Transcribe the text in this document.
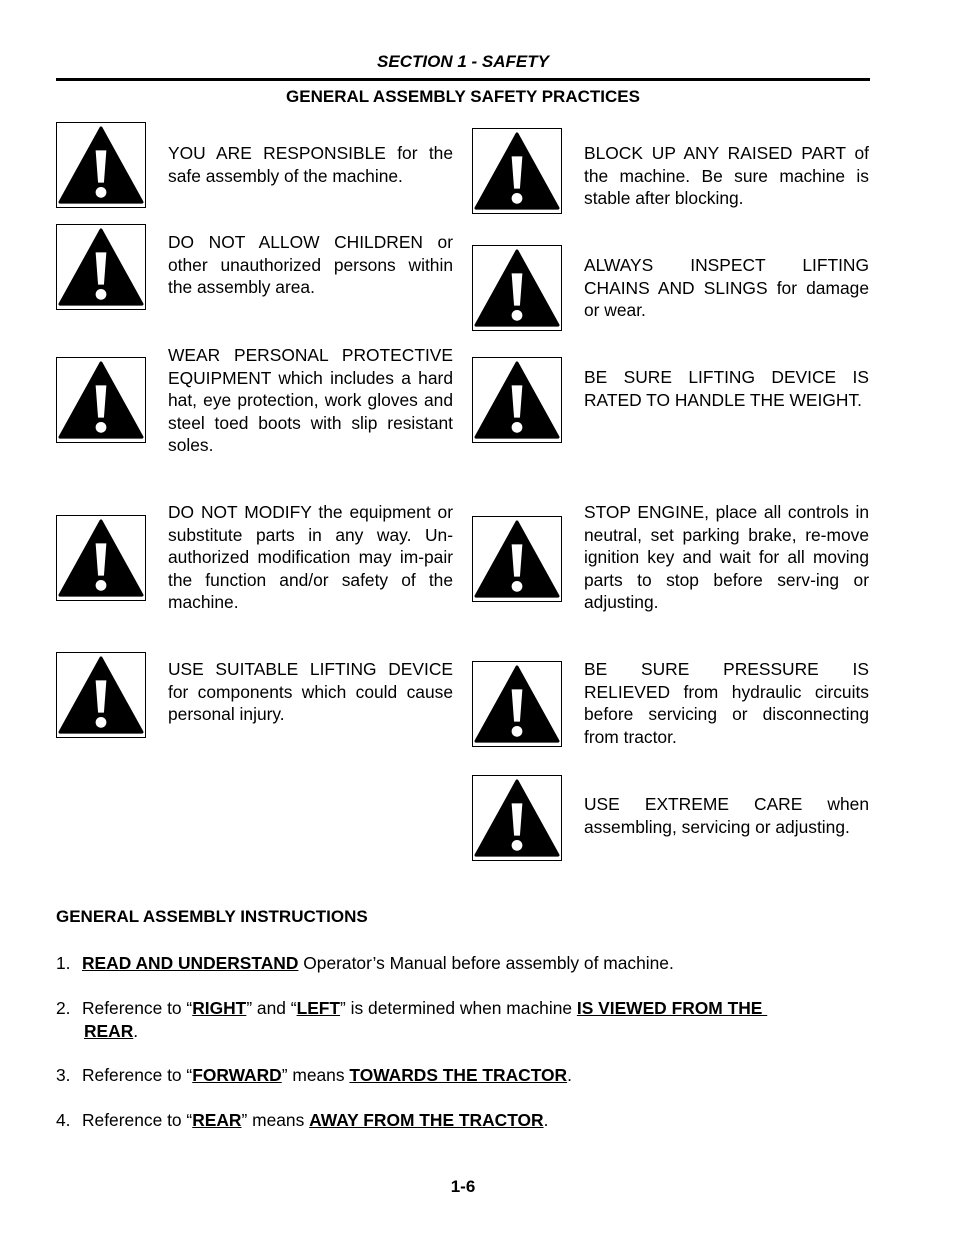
SECTION 1 - SAFETY
GENERAL ASSEMBLY SAFETY PRACTICES
YOU ARE RESPONSIBLE for the safe assembly of the machine.
DO NOT ALLOW CHILDREN or other unauthorized persons within the assembly area.
WEAR PERSONAL PROTECTIVE EQUIPMENT which includes a hard hat, eye protection, work gloves and steel toed boots with slip resistant soles.
DO NOT MODIFY the equipment or substitute parts in any way. Un-authorized modification may im-pair the function and/or safety of the machine.
USE SUITABLE LIFTING DEVICE for components which could cause personal injury.
BLOCK UP ANY RAISED PART of the machine. Be sure machine is stable after blocking.
ALWAYS INSPECT LIFTING CHAINS AND SLINGS for damage or wear.
BE SURE LIFTING DEVICE IS RATED TO HANDLE THE WEIGHT.
STOP ENGINE, place all controls in neutral, set parking brake, re-move ignition key and wait for all moving parts to stop before serv-ing or adjusting.
BE SURE PRESSURE IS RELIEVED from hydraulic circuits before servicing or disconnecting from tractor.
USE EXTREME CARE when assembling, servicing or adjusting.
GENERAL ASSEMBLY INSTRUCTIONS
1. READ AND UNDERSTAND Operator’s Manual before assembly of machine.
2. Reference to “RIGHT” and “LEFT” is determined when machine IS VIEWED FROM THE
REAR.
3. Reference to “FORWARD” means TOWARDS THE TRACTOR.
4. Reference to “REAR” means AWAY FROM THE TRACTOR.
1-6
